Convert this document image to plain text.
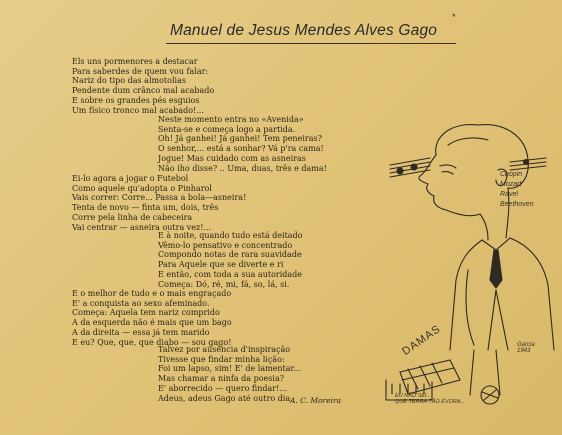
Manuel de Jesus Mendes Alves Gago
*
Els uns pormenores a destacar
Para saberdes de quem vou falar:
Nariz do tipo das almotolias
Pendente dum crânco mal acabado
E sobre os grandes pés esguios
Um físico tronco mal acabado!...
Neste momento entra no «Avenida»
Senta-se e começa logo a partida.
Oh! Já ganhei! Já ganhei! Tem peneiras?
O senhor,... está a sonhar? Vá p'ra cama!
Jogue! Mas cuidado com as asneiras
Não iho disse? .. Uma, duas, três e dama!
Ei-lo agora a jogar o Futebol
Como aquele qu'adopta o Pinharol
Vais correr: Corre... Passa a bola—asneira!
Tenta de novo — finta um, dois, três
Corre pela linha de cabeceira
Vai centrar — asneira outra vez!...
E à noite, quando tudo está deitado
Vêmo-lo pensativo e concentrado
Compondo notas de rara suavidade
Para Aquele que se diverte e ri
E então, com toda a sua autoridade
Começa: Dó, ré, mi, fá, so, lá, si.
E o melhor de tudo e o mais engraçado
E' a conquista ao sexo afeminado.
Começa: Aquela tem nariz comprido
A da esquerda não é mais que um bago
A da direita — essa já tem marido
E eu? Que, que, que diabo — sou gago!
Talvez por ausência d'inspiração
Tivesse que findar minha lição:
Foi um lapso, sim! E' de lamentar...
Mas chamar a ninfa da poesia?
E' aborrecido — quero findar!...
Adeus, adeus Gago até outro dia.
A. C. Moreira
Chopin
Mozart
Ravel
Beethoven
DAMAS
EU NÃO SEI...
QUE TERRA TÃO ÉVORA...
Garcia
1943
